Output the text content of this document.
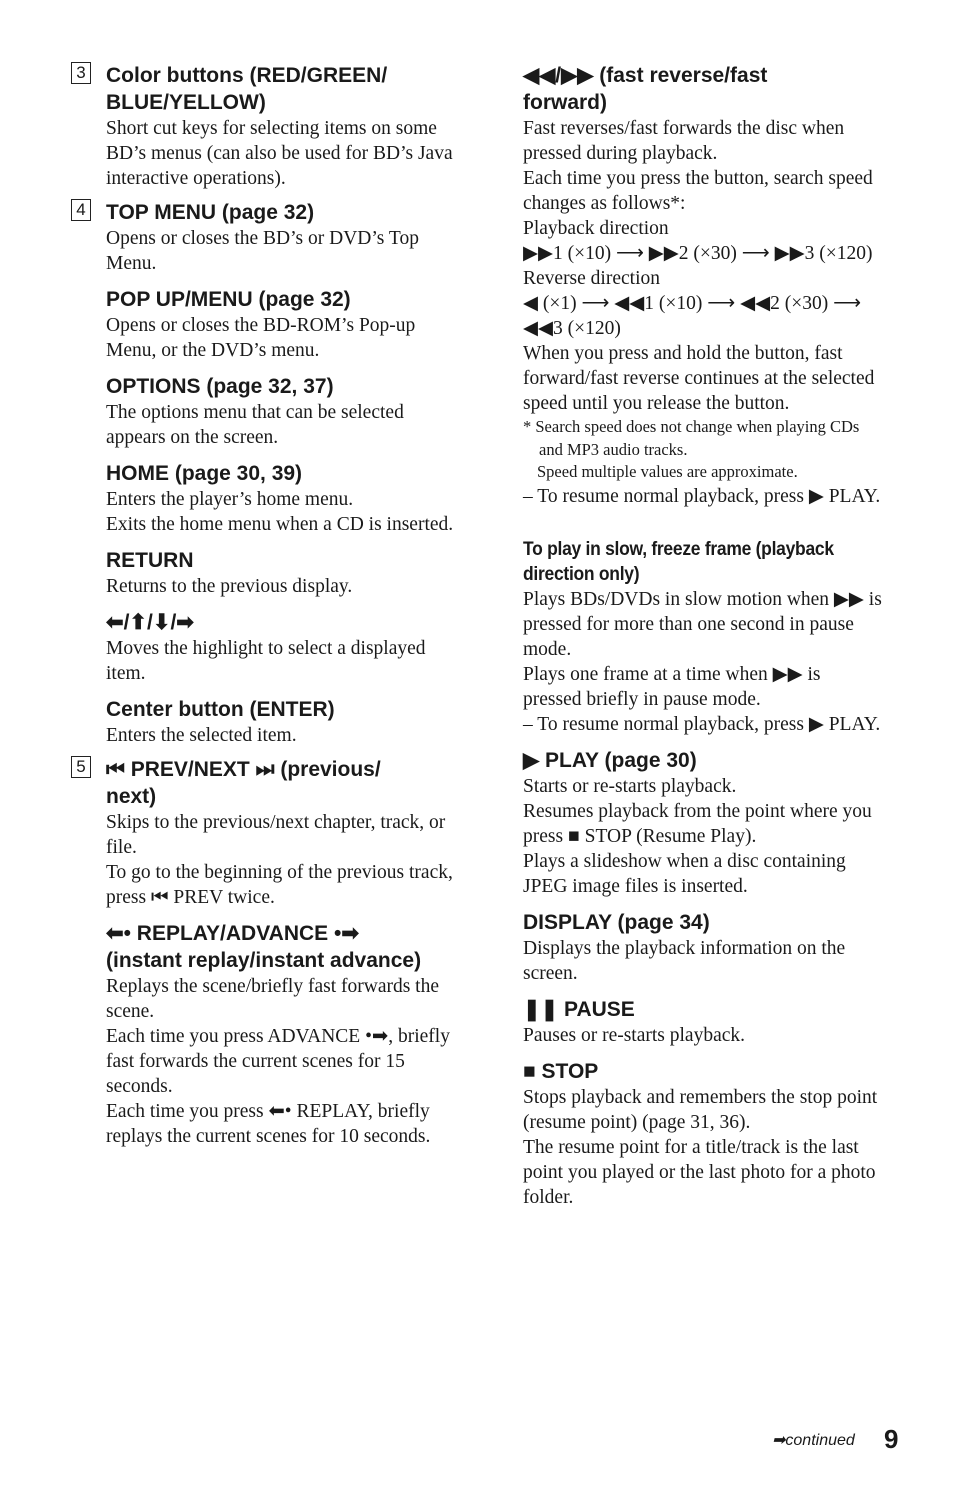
3 Color buttons (RED/GREEN/
BLUE/YELLOW)

Short cut keys for selecting items on some BD’s menus (can also be used for BD’s Java interactive operations).

4 TOP MENU (page 32)

Opens or closes the BD’s or DVD’s Top Menu.

POP UP/MENU (page 32)

Opens or closes the BD-ROM’s Pop-up Menu, or the DVD’s menu.

OPTIONS (page 32, 37)

The options menu that can be selected appears on the screen.

HOME (page 30, 39)

Enters the player’s home menu.

Exits the home menu when a CD is inserted.

RETURN

Returns to the previous display.

⬅/⬆/⬇/➡

Moves the highlight to select a displayed item.

Center button (ENTER)

Enters the selected item.

5 ⏮ PREV/NEXT ⏭ (previous/
next)

Skips to the previous/next chapter, track, or file.

To go to the beginning of the previous track, press ⏮ PREV twice.

⬅• REPLAY/ADVANCE •➡
(instant replay/instant advance)

Replays the scene/briefly fast forwards the scene.

Each time you press ADVANCE •➡, briefly fast forwards the current scenes for 15 seconds.

Each time you press ⬅• REPLAY, briefly replays the current scenes for 10 seconds.

◀◀/▶▶ (fast reverse/fast
forward)

Fast reverses/fast forwards the disc when pressed during playback.

Each time you press the button, search speed changes as follows*:

Playback direction

▶▶1 (×10) ⟶ ▶▶2 (×30) ⟶ ▶▶3 (×120)

Reverse direction

◀ (×1) ⟶ ◀◀1 (×10) ⟶ ◀◀2 (×30) ⟶ ◀◀3 (×120)

When you press and hold the button, fast forward/fast reverse continues at the selected speed until you release the button.

* Search speed does not change when playing CDs and MP3 audio tracks.

Speed multiple values are approximate.

– To resume normal playback, press ▶ PLAY.

To play in slow, freeze frame (playback direction only)

Plays BDs/DVDs in slow motion when ▶▶ is pressed for more than one second in pause mode.

Plays one frame at a time when ▶▶ is pressed briefly in pause mode.

– To resume normal playback, press ▶ PLAY.

▶ PLAY (page 30)

Starts or re-starts playback.

Resumes playback from the point where you press ■ STOP (Resume Play).

Plays a slideshow when a disc containing JPEG image files is inserted.

DISPLAY (page 34)

Displays the playback information on the screen.

❚❚ PAUSE

Pauses or re-starts playback.

■ STOP

Stops playback and remembers the stop point (resume point) (page 31, 36).

The resume point for a title/track is the last point you played or the last photo for a photo folder.

➡continued 9
